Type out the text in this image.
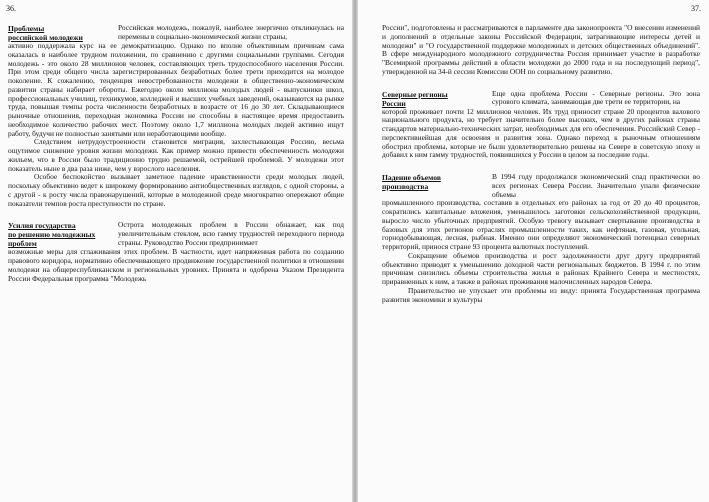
36.
Проблемы
российской молодежи

Российская молодежь, пожалуй, наиболее энергично откликнулась на перемены в социально-экономической жизни страны,

активно поддержала курс на ее демократизацию. Однако по вполне объективным причинам сама оказалась в наиболее трудном положении, по сравнению с другими социальными группами. Сегодня молодежь - это около 28 миллионов человек, составляющих треть трудоспособного населения России. При этом среди общего числа зарегистрированных безработных более трети приходится на молодое поколение. К сожалению, тенденция невостребованности молодежи в общественно-экономическом развитии страны набирает обороты. Ежегодно около миллиона молодых людей - выпускники школ, профессиональных училищ, техникумов, колледжей и высших учебных заведений, оказываются на рынке труда, повышая темпы роста численности безработных в возрасте от 16 до 30 лет. Складывающиеся рыночные отношения, переходная экономика России не способны в настоящее время предоставить необходимое количество рабочих мест. Поэтому около 1,7 миллиона молодых людей активно ищут работу, будучи не полностью занятыми или неработающими вообще.

Следствием нетрудоустроенности становится миграция, захлестывающая Россию, весьма ощутимое снижение уровня жизни молодежи. Как пример можно привести обеспеченность молодежи жильем, что в России было традиционно трудно решаемой, острейшей проблемой. У молодежи этот показатель ныне в два раза ниже, чем у взрослого населения.

Особое беспокойство вызывает заметное падение нравственности среди молодых людей, поскольку объективно ведет к широкому формированию антиобщественных взглядов, с одной стороны, а с другой - к росту числа правонарушений, которые в молодежной среде многократно опережают общие показатели темпов роста преступности по стране.

Усилия государства
по решению молодежных
проблем

Острота молодежных проблем в России обнажает, как под увеличительным стеклом, всю гамму трудностей переходного периода страны. Руководство России предпринимает

возможные меры для сглаживания этих проблем. В частности, идет напряженная работа по созданию правового коридора, нормативно обеспечивающего продвижение государственной политики в отношении молодежи на общереспубликанском и региональных уровнях. Принята и одобрена Указом Президента России Федеральная программа "Молодежь

37.

России", подготовлены и рассматриваются в парламенте два законопроекта "О внесении изменений и дополнений в отдельные законы Российской Федерации, затрагивающие интересы детей и молодежи" и "О государственной поддержке молодежных и детских общественных объединений". В сфере международного молодежного сотрудничества Россия принимает участие в разработке "Всемирной программы действий в области молодежи до 2000 года и на последующий период", утвержденной на 34-й сессии Комиссии ООН по социальному развитию.

Северные регионы
России

Еще одна проблема России - Северные регионы. Это зона сурового климата, занимающая две трети ее территории, на

которой проживает почти 12 миллионов человек. Их труд приносит стране 20 процентов валового национального продукта, но требует значительно более высоких, чем в других районах страны стандартов материально-технических затрат, необходимых для его обеспечения. Российский Север - перспективнейшая для освоения и развития зона. Однако переход к рыночным отношениям обострил проблемы, которые не были удовлетворительно решены на Севере в советскую эпоху и добавил к ним гамму трудностей, появившихся у России в целом за последние годы.

Падение объемов
производства

В 1994 году продолжался экономический спад практически во всех регионах Севера России. Значительно упали физические объемы

промышленного производства, составив в отдельных его районах за год от 20 до 40 процентов, сократились капитальные вложения, уменьшилось заготовки сельскохозяйственной продукции, выросло число убыточных предприятий. Особую тревогу вызывает свертывание производства в базовых для этих регионов отраслях промышленности таких, как нефтяная, газовая, угольная, горнодобывающая, лесная, рыбная. Именно они определяют экономический потенциал северных территорий, принося стране 93 процента валютных поступлений.

Сокращение объемов производства и рост задолженности друг другу предприятий объективно приводят к уменьшению доходной части региональных бюджетов. В 1994 г. по этим причинам снизились объемы строительства жилья в районах Крайнего Севера и местностях, приравненных к ним, а также в районах проживания малочисленных народов Севера.

Правительство не упускает эти проблемы из виду: принята Государственная программа развития экономики и культуры
